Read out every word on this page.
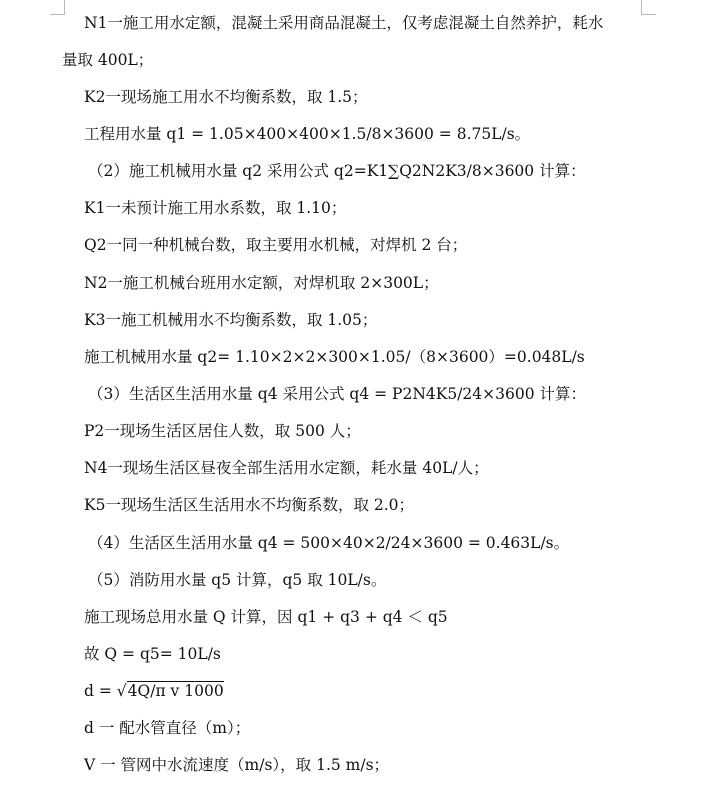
N1一施工用水定额，混凝土采用商品混凝土，仅考虑混凝土自然养护，耗水
量取 400L；
K2一现场施工用水不均衡系数，取 1.5；
工程用水量 q1 = 1.05×400×400×1.5/8×3600 = 8.75L/s。
（2）施工机械用水量 q2 采用公式 q2=K1∑Q2N2K3/8×3600 计算：
K1一未预计施工用水系数，取 1.10；
Q2一同一种机械台数，取主要用水机械，对焊机 2 台；
N2一施工机械台班用水定额，对焊机取 2×300L；
K3一施工机械用水不均衡系数，取 1.05；
施工机械用水量 q2= 1.10×2×2×300×1.05/（8×3600）=0.048L/s
（3）生活区生活用水量 q4 采用公式 q4 = P2N4K5/24×3600 计算：
P2一现场生活区居住人数，取 500 人；
N4一现场生活区昼夜全部生活用水定额，耗水量 40L/人；
K5一现场生活区生活用水不均衡系数，取 2.0；
（4）生活区生活用水量 q4 = 500×40×2/24×3600 = 0.463L/s。
（5）消防用水量 q5 计算，q5 取 10L/s。
施工现场总用水量 Q 计算，因 q1 + q3 + q4 ＜ q5
故 Q = q5= 10L/s
d = √4Q/π v 1000
d 一 配水管直径（m）；
V 一 管网中水流速度（m/s），取 1.5 m/s；
